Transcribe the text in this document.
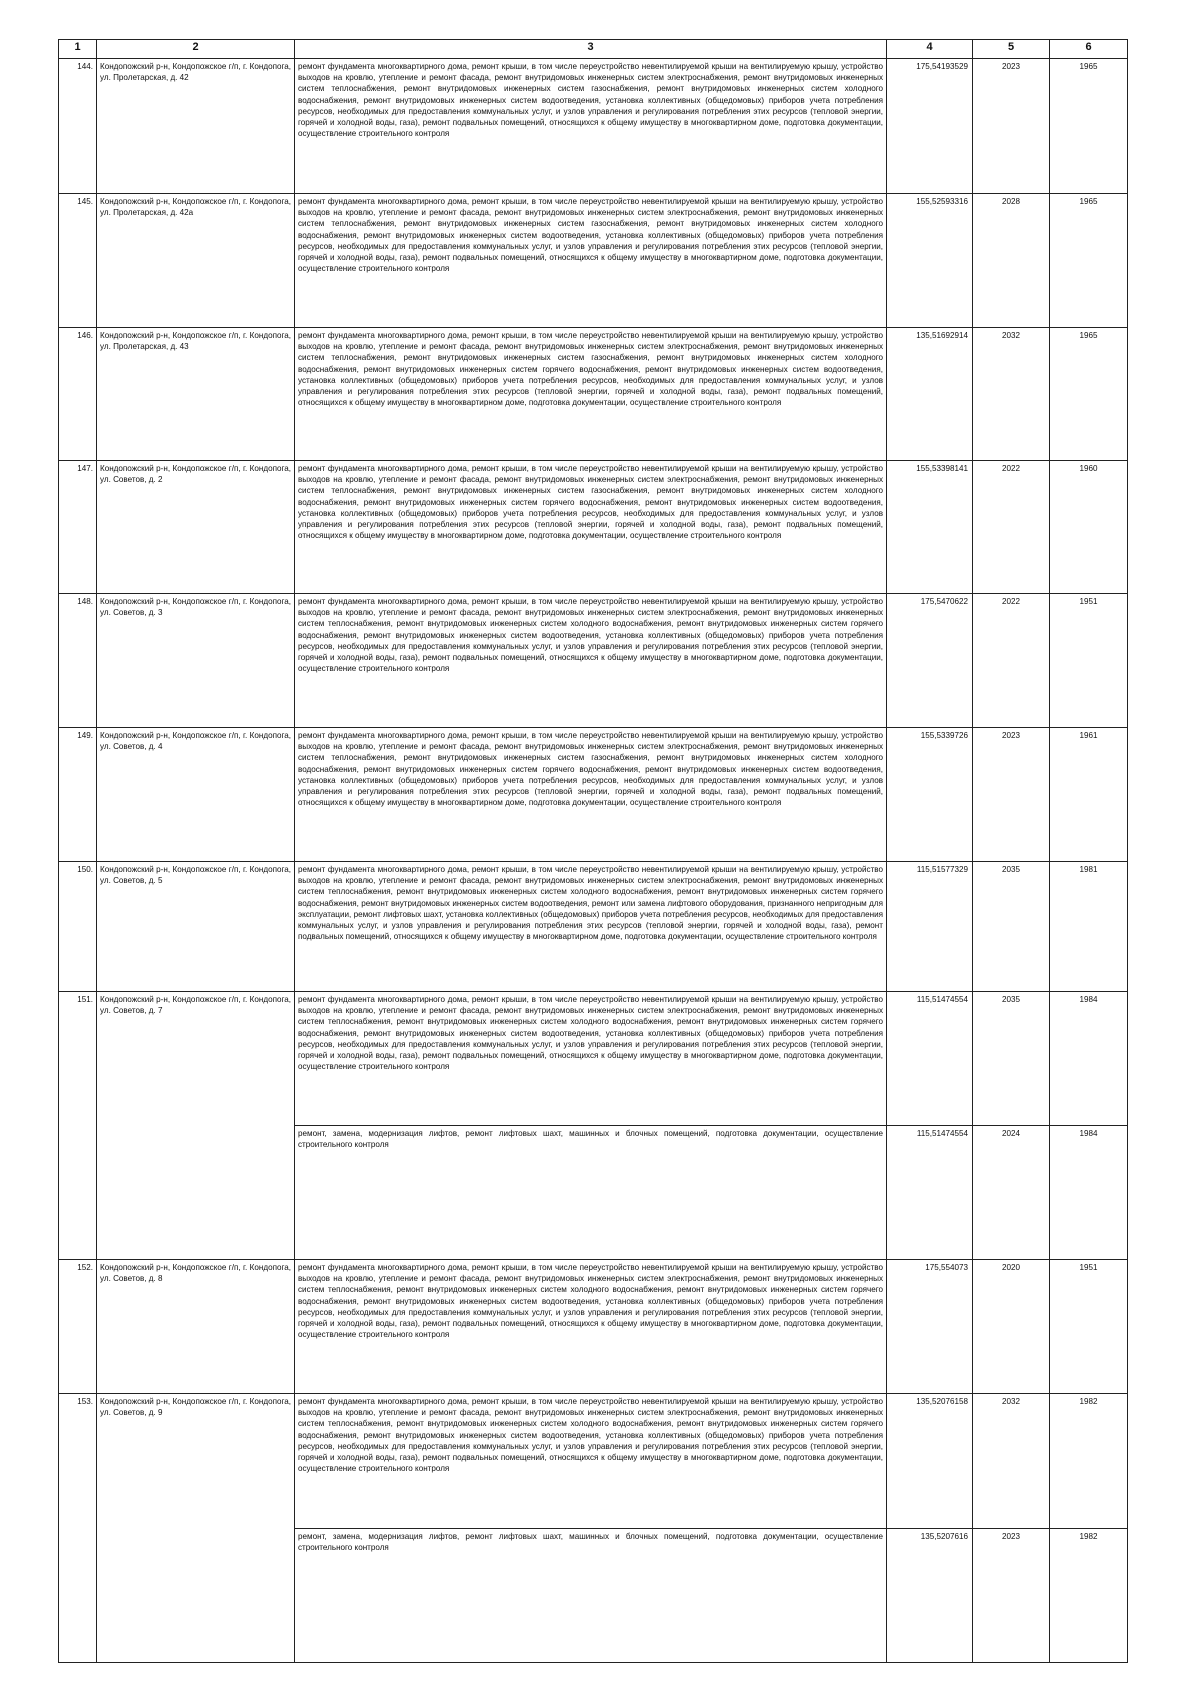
1	2	3	4	5	6
144.	Кондопожский р-н, Кондопожское г/п, г. Кондопога, ул. Пролетарская, д. 42	ремонт фундамента многоквартирного дома, ремонт крыши, в том числе переустройство невентилируемой крыши на вентилируемую крышу, устройство выходов на кровлю, утепление и ремонт фасада, ремонт внутридомовых инженерных систем электроснабжения, ремонт внутридомовых инженерных систем теплоснабжения, ремонт внутридомовых инженерных систем газоснабжения, ремонт внутридомовых инженерных систем холодного водоснабжения, ремонт внутридомовых инженерных систем водоотведения, установка коллективных (общедомовых) приборов учета потребления ресурсов, необходимых для предоставления коммунальных услуг, и узлов управления и регулирования потребления этих ресурсов (тепловой энергии, горячей и холодной воды, газа), ремонт подвальных помещений, относящихся к общему имуществу в многоквартирном доме, подготовка документации, осуществление строительного контроля	175,54193529	2023	1965
145.	Кондопожский р-н, Кондопожское г/п, г. Кондопога, ул. Пролетарская, д. 42а	ремонт фундамента многоквартирного дома, ремонт крыши, в том числе переустройство невентилируемой крыши на вентилируемую крышу, устройство выходов на кровлю, утепление и ремонт фасада, ремонт внутридомовых инженерных систем электроснабжения, ремонт внутридомовых инженерных систем теплоснабжения, ремонт внутридомовых инженерных систем газоснабжения, ремонт внутридомовых инженерных систем холодного водоснабжения, ремонт внутридомовых инженерных систем водоотведения, установка коллективных (общедомовых) приборов учета потребления ресурсов, необходимых для предоставления коммунальных услуг, и узлов управления и регулирования потребления этих ресурсов (тепловой энергии, горячей и холодной воды, газа), ремонт подвальных помещений, относящихся к общему имуществу в многоквартирном доме, подготовка документации, осуществление строительного контроля	155,52593316	2028	1965
146.	Кондопожский р-н, Кондопожское г/п, г. Кондопога, ул. Пролетарская, д. 43	ремонт фундамента многоквартирного дома, ремонт крыши, в том числе переустройство невентилируемой крыши на вентилируемую крышу, устройство выходов на кровлю, утепление и ремонт фасада, ремонт внутридомовых инженерных систем электроснабжения, ремонт внутридомовых инженерных систем теплоснабжения, ремонт внутридомовых инженерных систем газоснабжения, ремонт внутридомовых инженерных систем холодного водоснабжения, ремонт внутридомовых инженерных систем горячего водоснабжения, ремонт внутридомовых инженерных систем водоотведения, установка коллективных (общедомовых) приборов учета потребления ресурсов, необходимых для предоставления коммунальных услуг, и узлов управления и регулирования потребления этих ресурсов (тепловой энергии, горячей и холодной воды, газа), ремонт подвальных помещений, относящихся к общему имуществу в многоквартирном доме, подготовка документации, осуществление строительного контроля	135,51692914	2032	1965
147.	Кондопожский р-н, Кондопожское г/п, г. Кондопога, ул. Советов, д. 2	ремонт фундамента многоквартирного дома, ремонт крыши, в том числе переустройство невентилируемой крыши на вентилируемую крышу, устройство выходов на кровлю, утепление и ремонт фасада, ремонт внутридомовых инженерных систем электроснабжения, ремонт внутридомовых инженерных систем теплоснабжения, ремонт внутридомовых инженерных систем газоснабжения, ремонт внутридомовых инженерных систем холодного водоснабжения, ремонт внутридомовых инженерных систем горячего водоснабжения, ремонт внутридомовых инженерных систем водоотведения, установка коллективных (общедомовых) приборов учета потребления ресурсов, необходимых для предоставления коммунальных услуг, и узлов управления и регулирования потребления этих ресурсов (тепловой энергии, горячей и холодной воды, газа), ремонт подвальных помещений, относящихся к общему имуществу в многоквартирном доме, подготовка документации, осуществление строительного контроля	155,53398141	2022	1960
148.	Кондопожский р-н, Кондопожское г/п, г. Кондопога, ул. Советов, д. 3	ремонт фундамента многоквартирного дома, ремонт крыши, в том числе переустройство невентилируемой крыши на вентилируемую крышу, устройство выходов на кровлю, утепление и ремонт фасада, ремонт внутридомовых инженерных систем электроснабжения, ремонт внутридомовых инженерных систем теплоснабжения, ремонт внутридомовых инженерных систем холодного водоснабжения, ремонт внутридомовых инженерных систем горячего водоснабжения, ремонт внутридомовых инженерных систем водоотведения, установка коллективных (общедомовых) приборов учета потребления ресурсов, необходимых для предоставления коммунальных услуг, и узлов управления и регулирования потребления этих ресурсов (тепловой энергии, горячей и холодной воды, газа), ремонт подвальных помещений, относящихся к общему имуществу в многоквартирном доме, подготовка документации, осуществление строительного контроля	175,5470622	2022	1951
149.	Кондопожский р-н, Кондопожское г/п, г. Кондопога, ул. Советов, д. 4	ремонт фундамента многоквартирного дома, ремонт крыши, в том числе переустройство невентилируемой крыши на вентилируемую крышу, устройство выходов на кровлю, утепление и ремонт фасада, ремонт внутридомовых инженерных систем электроснабжения, ремонт внутридомовых инженерных систем теплоснабжения, ремонт внутридомовых инженерных систем газоснабжения, ремонт внутридомовых инженерных систем холодного водоснабжения, ремонт внутридомовых инженерных систем горячего водоснабжения, ремонт внутридомовых инженерных систем водоотведения, установка коллективных (общедомовых) приборов учета потребления ресурсов, необходимых для предоставления коммунальных услуг, и узлов управления и регулирования потребления этих ресурсов (тепловой энергии, горячей и холодной воды, газа), ремонт подвальных помещений, относящихся к общему имуществу в многоквартирном доме, подготовка документации, осуществление строительного контроля	155,5339726	2023	1961
150.	Кондопожский р-н, Кондопожское г/п, г. Кондопога, ул. Советов, д. 5	ремонт фундамента многоквартирного дома, ремонт крыши, в том числе переустройство невентилируемой крыши на вентилируемую крышу, устройство выходов на кровлю, утепление и ремонт фасада, ремонт внутридомовых инженерных систем электроснабжения, ремонт внутридомовых инженерных систем теплоснабжения, ремонт внутридомовых инженерных систем холодного водоснабжения, ремонт внутридомовых инженерных систем горячего водоснабжения, ремонт внутридомовых инженерных систем водоотведения, ремонт или замена лифтового оборудования, признанного непригодным для эксплуатации, ремонт лифтовых шахт, установка коллективных (общедомовых) приборов учета потребления ресурсов, необходимых для предоставления коммунальных услуг, и узлов управления и регулирования потребления этих ресурсов (тепловой энергии, горячей и холодной воды, газа), ремонт подвальных помещений, относящихся к общему имуществу в многоквартирном доме, подготовка документации, осуществление строительного контроля	115,51577329	2035	1981
151.	Кондопожский р-н, Кондопожское г/п, г. Кондопога, ул. Советов, д. 7	ремонт фундамента многоквартирного дома, ремонт крыши, в том числе переустройство невентилируемой крыши на вентилируемую крышу, устройство выходов на кровлю, утепление и ремонт фасада, ремонт внутридомовых инженерных систем электроснабжения, ремонт внутридомовых инженерных систем теплоснабжения, ремонт внутридомовых инженерных систем холодного водоснабжения, ремонт внутридомовых инженерных систем горячего водоснабжения, ремонт внутридомовых инженерных систем водоотведения, установка коллективных (общедомовых) приборов учета потребления ресурсов, необходимых для предоставления коммунальных услуг, и узлов управления и регулирования потребления этих ресурсов (тепловой энергии, горячей и холодной воды, газа), ремонт подвальных помещений, относящихся к общему имуществу в многоквартирном доме, подготовка документации, осуществление строительного контроля	115,51474554	2035	1984
		ремонт, замена, модернизация лифтов, ремонт лифтовых шахт, машинных и блочных помещений, подготовка документации, осуществление строительного контроля	115,51474554	2024	1984
152.	Кондопожский р-н, Кондопожское г/п, г. Кондопога, ул. Советов, д. 8	ремонт фундамента многоквартирного дома, ремонт крыши, в том числе переустройство невентилируемой крыши на вентилируемую крышу, устройство выходов на кровлю, утепление и ремонт фасада, ремонт внутридомовых инженерных систем электроснабжения, ремонт внутридомовых инженерных систем теплоснабжения, ремонт внутридомовых инженерных систем холодного водоснабжения, ремонт внутридомовых инженерных систем горячего водоснабжения, ремонт внутридомовых инженерных систем водоотведения, установка коллективных (общедомовых) приборов учета потребления ресурсов, необходимых для предоставления коммунальных услуг, и узлов управления и регулирования потребления этих ресурсов (тепловой энергии, горячей и холодной воды, газа), ремонт подвальных помещений, относящихся к общему имуществу в многоквартирном доме, подготовка документации, осуществление строительного контроля	175,554073	2020	1951
153.	Кондопожский р-н, Кондопожское г/п, г. Кондопога, ул. Советов, д. 9	ремонт фундамента многоквартирного дома, ремонт крыши, в том числе переустройство невентилируемой крыши на вентилируемую крышу, устройство выходов на кровлю, утепление и ремонт фасада, ремонт внутридомовых инженерных систем электроснабжения, ремонт внутридомовых инженерных систем теплоснабжения, ремонт внутридомовых инженерных систем холодного водоснабжения, ремонт внутридомовых инженерных систем горячего водоснабжения, ремонт внутридомовых инженерных систем водоотведения, установка коллективных (общедомовых) приборов учета потребления ресурсов, необходимых для предоставления коммунальных услуг, и узлов управления и регулирования потребления этих ресурсов (тепловой энергии, горячей и холодной воды, газа), ремонт подвальных помещений, относящихся к общему имуществу в многоквартирном доме, подготовка документации, осуществление строительного контроля	135,52076158	2032	1982
		ремонт, замена, модернизация лифтов, ремонт лифтовых шахт, машинных и блочных помещений, подготовка документации, осуществление строительного контроля	135,5207616	2023	1982
